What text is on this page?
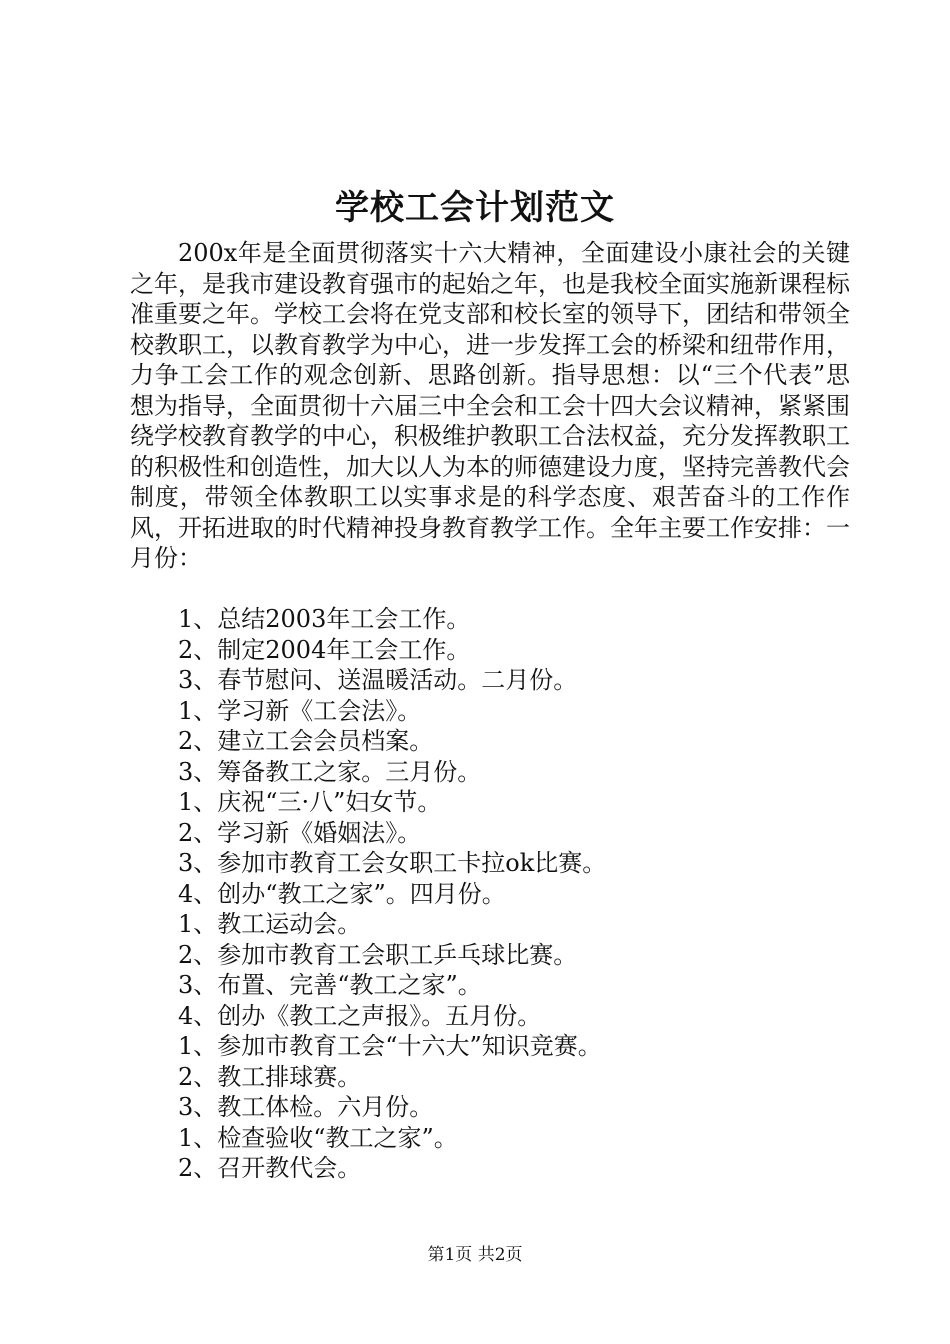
学校工会计划范文

200x年是全面贯彻落实十六大精神，全面建设小康社会的关键之年，是我市建设教育强市的起始之年，也是我校全面实施新课程标准重要之年。学校工会将在党支部和校长室的领导下，团结和带领全校教职工，以教育教学为中心，进一步发挥工会的桥梁和纽带作用，力争工会工作的观念创新、思路创新。指导思想：以“三个代表”思想为指导，全面贯彻十六届三中全会和工会十四大会议精神，紧紧围绕学校教育教学的中心，积极维护教职工合法权益，充分发挥教职工的积极性和创造性，加大以人为本的师德建设力度，坚持完善教代会制度，带领全体教职工以实事求是的科学态度、艰苦奋斗的工作作风，开拓进取的时代精神投身教育教学工作。全年主要工作安排：一月份：

1、总结2003年工会工作。
2、制定2004年工会工作。
3、春节慰问、送温暖活动。二月份。
1、学习新《工会法》。
2、建立工会会员档案。
3、筹备教工之家。三月份。
1、庆祝“三·八”妇女节。
2、学习新《婚姻法》。
3、参加市教育工会女职工卡拉ok比赛。
4、创办“教工之家”。四月份。
1、教工运动会。
2、参加市教育工会职工乒乓球比赛。
3、布置、完善“教工之家”。
4、创办《教工之声报》。五月份。
1、参加市教育工会“十六大”知识竞赛。
2、教工排球赛。
3、教工体检。六月份。
1、检查验收“教工之家”。
2、召开教代会。
第1页 共2页
